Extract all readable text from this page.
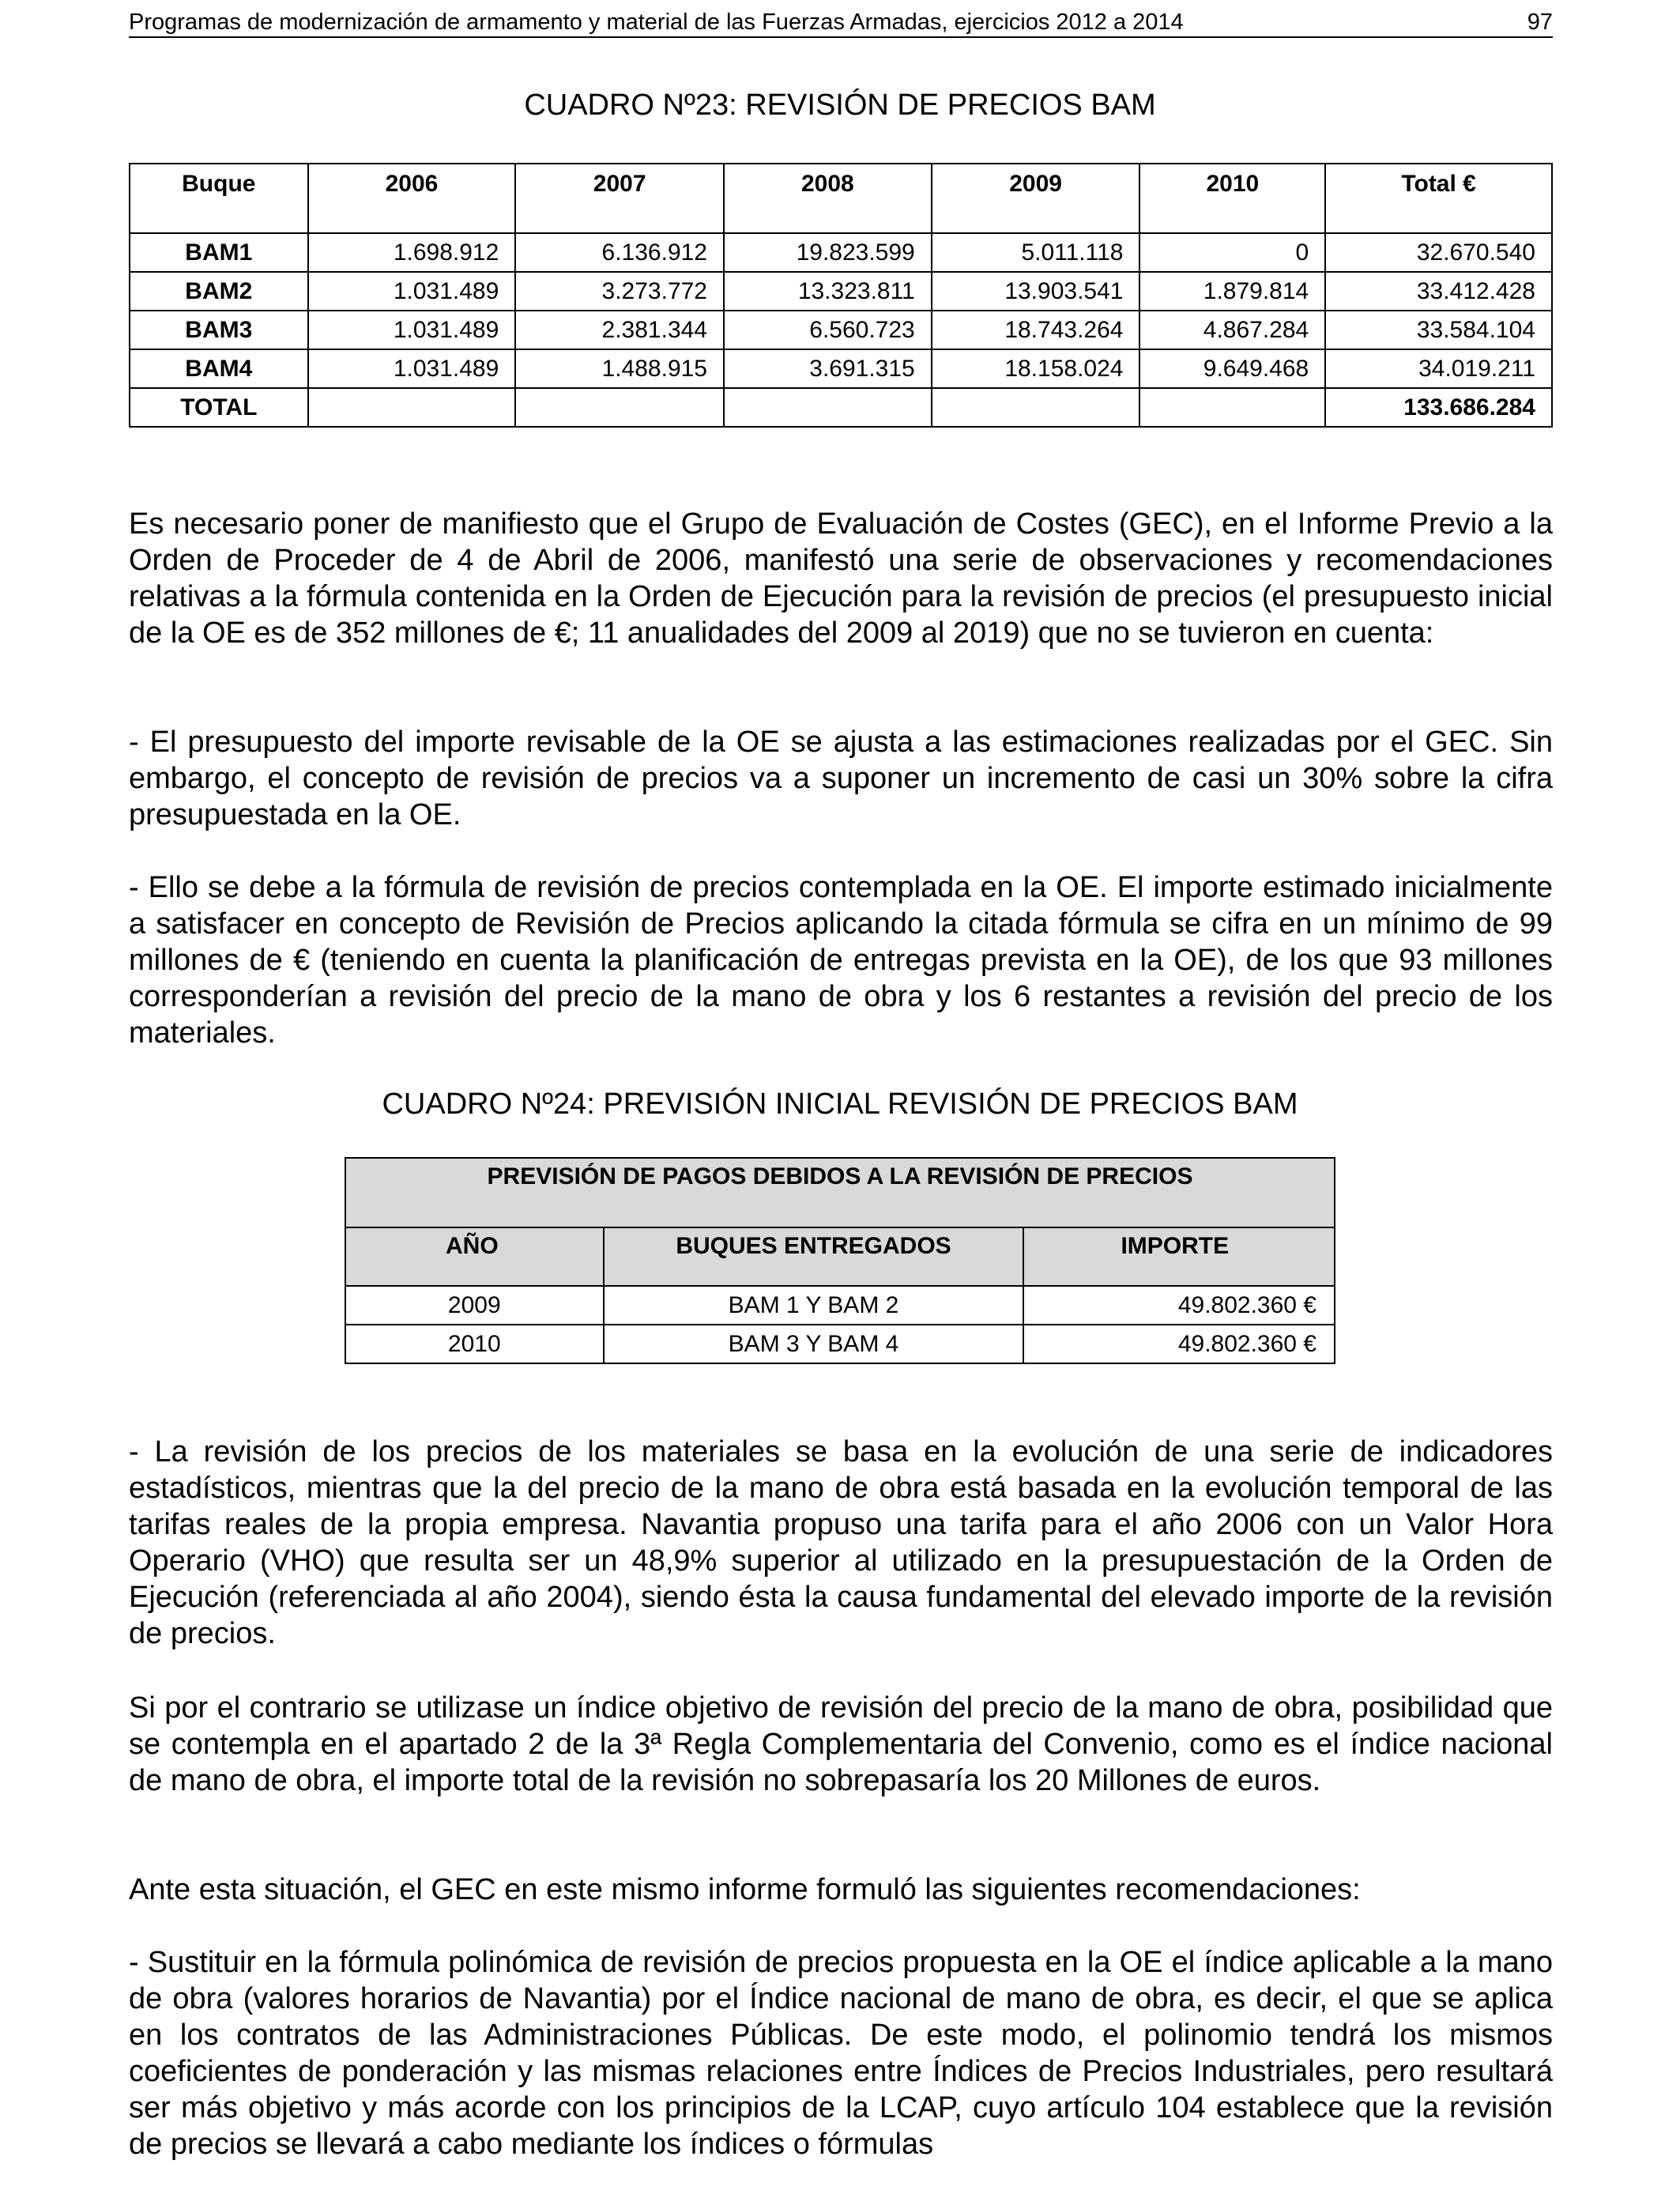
Programas de modernización de armamento y material de las Fuerzas Armadas, ejercicios 2012 a 2014	97
CUADRO Nº23: REVISIÓN DE PRECIOS BAM
Buque	2006	2007	2008	2009	2010	Total €
BAM1	1.698.912	6.136.912	19.823.599	5.011.118	0	32.670.540
BAM2	1.031.489	3.273.772	13.323.811	13.903.541	1.879.814	33.412.428
BAM3	1.031.489	2.381.344	6.560.723	18.743.264	4.867.284	33.584.104
BAM4	1.031.489	1.488.915	3.691.315	18.158.024	9.649.468	34.019.211
TOTAL						133.686.284

Es necesario poner de manifiesto que el Grupo de Evaluación de Costes (GEC), en el Informe Previo a la Orden de Proceder de 4 de Abril de 2006, manifestó una serie de observaciones y recomendaciones relativas a la fórmula contenida en la Orden de Ejecución para la revisión de precios (el presupuesto inicial de la OE es de 352 millones de €; 11 anualidades del 2009 al 2019) que no se tuvieron en cuenta:

- El presupuesto del importe revisable de la OE se ajusta a las estimaciones realizadas por el GEC. Sin embargo, el concepto de revisión de precios va a suponer un incremento de casi un 30% sobre la cifra presupuestada en la OE.

- Ello se debe a la fórmula de revisión de precios contemplada en la OE. El importe estimado inicialmente a satisfacer en concepto de Revisión de Precios aplicando la citada fórmula se cifra en un mínimo de 99 millones de € (teniendo en cuenta la planificación de entregas prevista en la OE), de los que 93 millones corresponderían a revisión del precio de la mano de obra y los 6 restantes a revisión del precio de los materiales.

CUADRO Nº24: PREVISIÓN INICIAL REVISIÓN DE PRECIOS BAM
PREVISIÓN DE PAGOS DEBIDOS A LA REVISIÓN DE PRECIOS		
AÑO	BUQUES ENTREGADOS	IMPORTE
2009	BAM 1 Y BAM 2	49.802.360 €
2010	BAM 3 Y BAM 4	49.802.360 €

- La revisión de los precios de los materiales se basa en la evolución de una serie de indicadores estadísticos, mientras que la del precio de la mano de obra está basada en la evolución temporal de las tarifas reales de la propia empresa. Navantia propuso una tarifa para el año 2006 con un Valor Hora Operario (VHO) que resulta ser un 48,9% superior al utilizado en la presupuestación de la Orden de Ejecución (referenciada al año 2004), siendo ésta la causa fundamental del elevado importe de la revisión de precios.

Si por el contrario se utilizase un índice objetivo de revisión del precio de la mano de obra, posibilidad que se contempla en el apartado 2 de la 3ª Regla Complementaria del Convenio, como es el índice nacional de mano de obra, el importe total de la revisión no sobrepasaría los 20 Millones de euros.

Ante esta situación, el GEC en este mismo informe formuló las siguientes recomendaciones:

- Sustituir en la fórmula polinómica de revisión de precios propuesta en la OE el índice aplicable a la mano de obra (valores horarios de Navantia) por el Índice nacional de mano de obra, es decir, el que se aplica en los contratos de las Administraciones Públicas. De este modo, el polinomio tendrá los mismos coeficientes de ponderación y las mismas relaciones entre Índices de Precios Industriales, pero resultará ser más objetivo y más acorde con los principios de la LCAP, cuyo artículo 104 establece que la revisión de precios se llevará a cabo mediante los índices o fórmulas
